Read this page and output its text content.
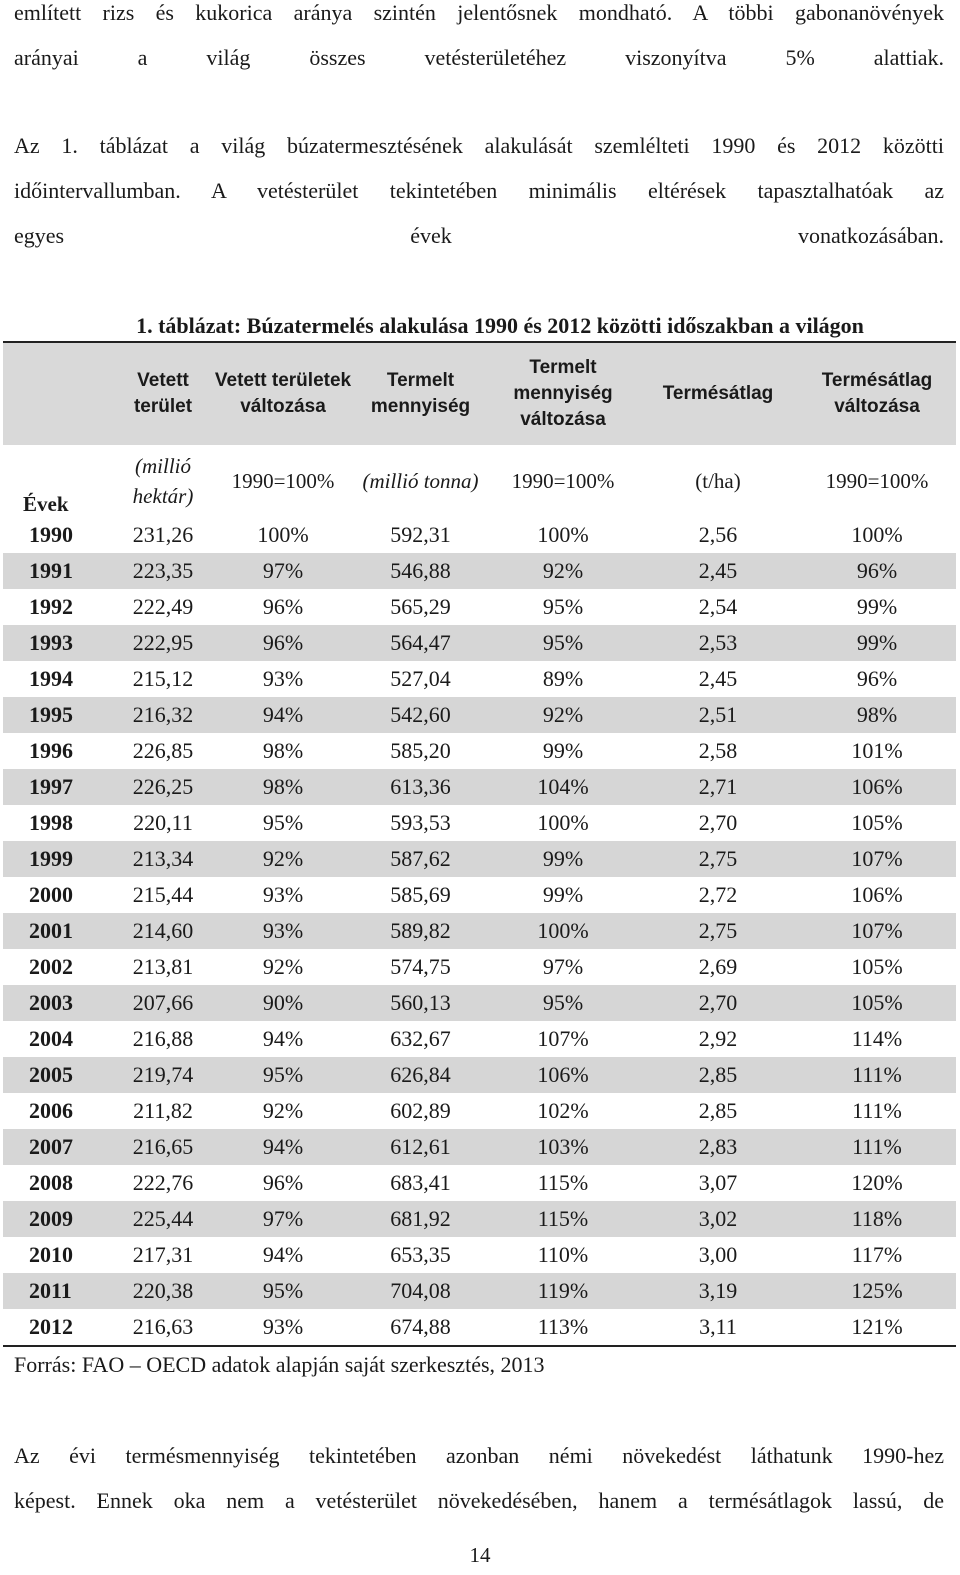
említett rizs és kukorica aránya szintén jelentősnek mondható. A többi gabonanövények
arányai a világ összes vetésterületéhez viszonyítva 5% alattiak.
Az 1. táblázat a világ búzatermesztésének alakulását szemlélteti 1990 és 2012 közötti
időintervallumban. A vetésterület tekintetében minimális eltérések tapasztalhatóak az
egyes évek vonatkozásában.
1. táblázat: Búzatermelés alakulása 1990 és 2012 közötti időszakban a világon
	Vetett terület	Vetett területek változása	Termelt mennyiség	Termelt mennyiség változása	Termésátlag	Termésátlag változása
Évek	(millió hektár)	1990=100%	(millió tonna)	1990=100%	(t/ha)	1990=100%
1990	231,26	100%	592,31	100%	2,56	100%
1991	223,35	97%	546,88	92%	2,45	96%
1992	222,49	96%	565,29	95%	2,54	99%
1993	222,95	96%	564,47	95%	2,53	99%
1994	215,12	93%	527,04	89%	2,45	96%
1995	216,32	94%	542,60	92%	2,51	98%
1996	226,85	98%	585,20	99%	2,58	101%
1997	226,25	98%	613,36	104%	2,71	106%
1998	220,11	95%	593,53	100%	2,70	105%
1999	213,34	92%	587,62	99%	2,75	107%
2000	215,44	93%	585,69	99%	2,72	106%
2001	214,60	93%	589,82	100%	2,75	107%
2002	213,81	92%	574,75	97%	2,69	105%
2003	207,66	90%	560,13	95%	2,70	105%
2004	216,88	94%	632,67	107%	2,92	114%
2005	219,74	95%	626,84	106%	2,85	111%
2006	211,82	92%	602,89	102%	2,85	111%
2007	216,65	94%	612,61	103%	2,83	111%
2008	222,76	96%	683,41	115%	3,07	120%
2009	225,44	97%	681,92	115%	3,02	118%
2010	217,31	94%	653,35	110%	3,00	117%
2011	220,38	95%	704,08	119%	3,19	125%
2012	216,63	93%	674,88	113%	3,11	121%
Forrás: FAO – OECD adatok alapján saját szerkesztés, 2013
Az évi termésmennyiség tekintetében azonban némi növekedést láthatunk 1990-hez
képest. Ennek oka nem a vetésterület növekedésében, hanem a termésátlagok lassú, de
14
